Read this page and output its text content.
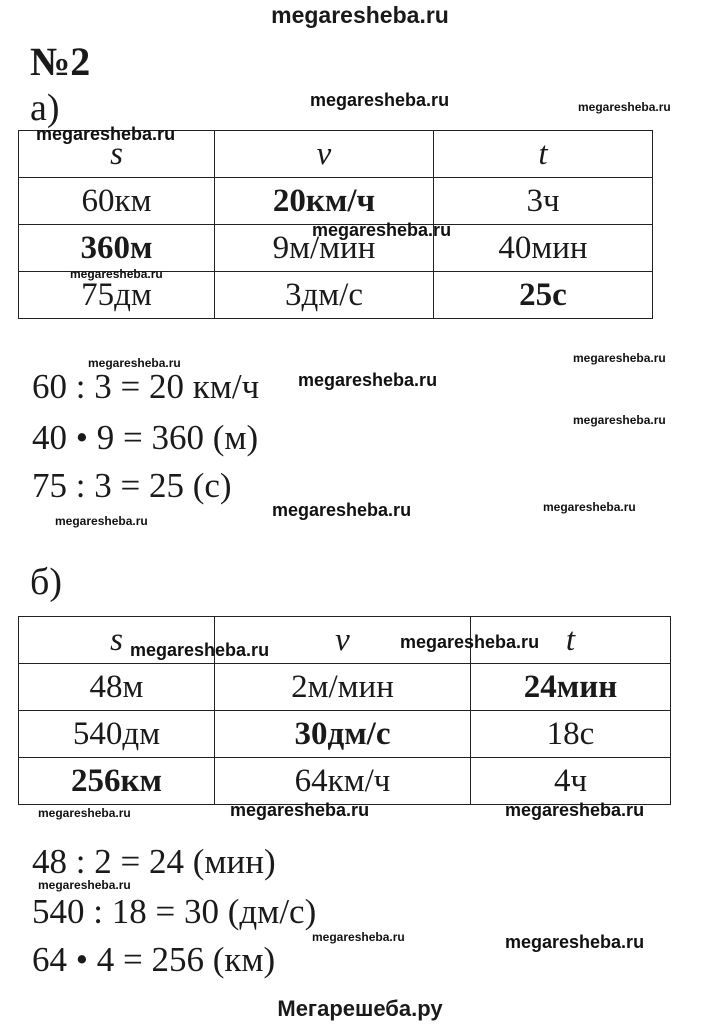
megaresheba.ru
№2
а)
s	v	t
60км	20км/ч	3ч
360м	9м/мин	40мин
75дм	3дм/с	25с
60 : 3 = 20 км/ч
40 • 9 = 360 (м)
75 : 3 = 25 (с)
б)
s	v	t
48м	2м/мин	24мин
540дм	30дм/с	18с
256км	64км/ч	4ч
48 : 2 = 24 (мин)
540 : 18 = 30 (дм/с)
64 • 4 = 256 (км)
megaresheba.ru	megaresheba.ru
megaresheba.ru
megaresheba.ru
megaresheba.ru
megaresheba.ru	megaresheba.ru
megaresheba.ru
megaresheba.ru
megaresheba.ru	megaresheba.ru
megaresheba.ru
megaresheba.ru	megaresheba.ru
megaresheba.ru	megaresheba.ru	megaresheba.ru
megaresheba.ru
megaresheba.ru	megaresheba.ru
Мегарешеба.ру
